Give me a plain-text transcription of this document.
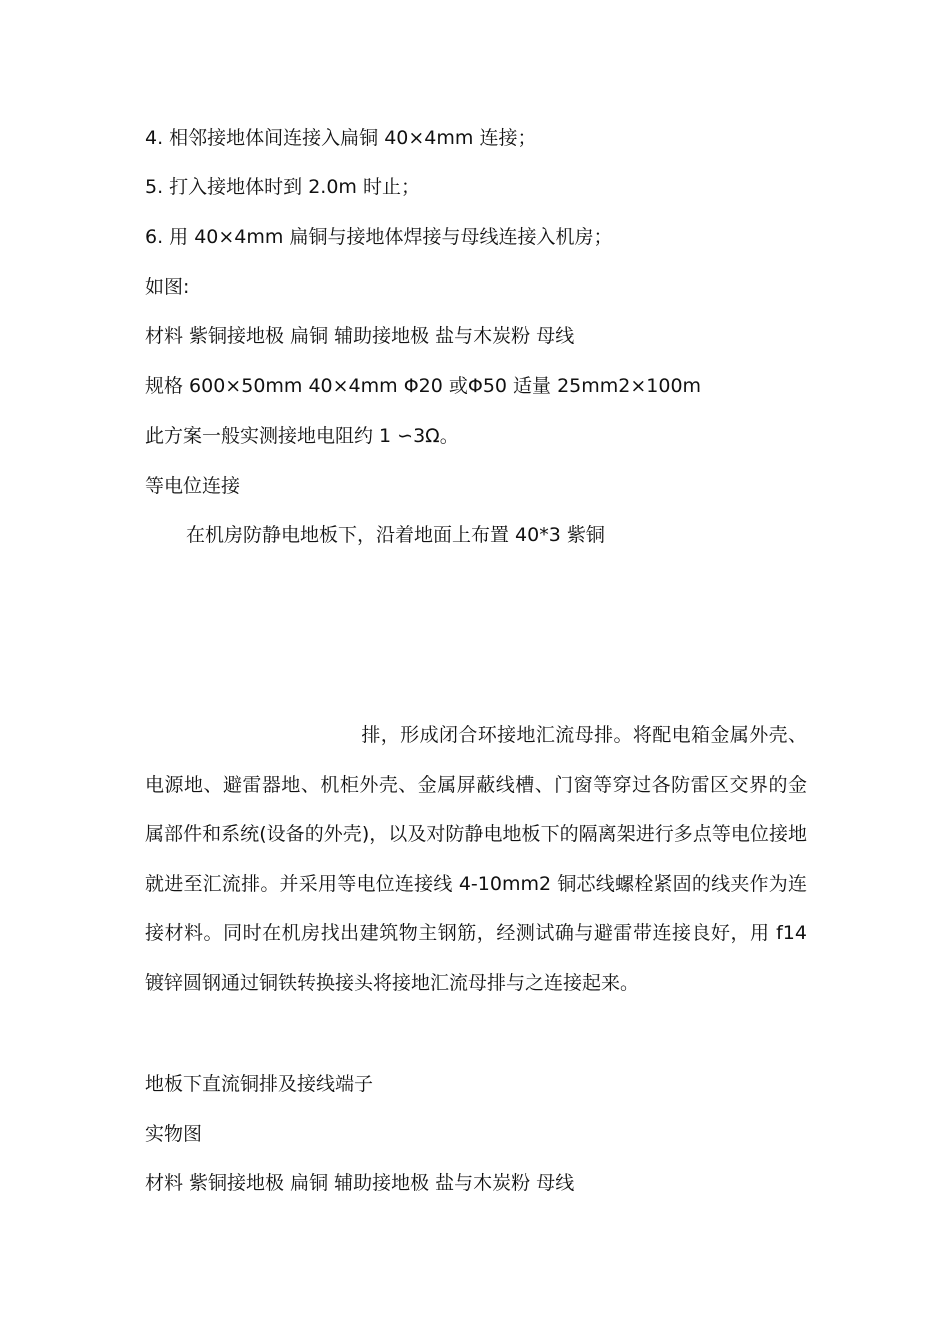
4. 相邻接地体间连接入扁铜 40×4mm 连接；
5. 打入接地体时到 2.0m 时止；
6. 用 40×4mm 扁铜与接地体焊接与母线连接入机房；
如图:
材料 紫铜接地极 扁铜 辅助接地极 盐与木炭粉 母线
规格 600×50mm 40×4mm Φ20 或Φ50 适量 25mm2×100m
此方案一般实测接地电阻约 1 ∽3Ω。
等电位连接
在机房防静电地板下，沿着地面上布置 40*3 紫铜
排，形成闭合环接地汇流母排。将配电箱金属外壳、电源地、避雷器地、机柜外壳、金属屏蔽线槽、门窗等穿过各防雷区交界的金属部件和系统(设备的外壳)，以及对防静电地板下的隔离架进行多点等电位接地就进至汇流排。并采用等电位连接线 4-10mm2 铜芯线螺栓紧固的线夹作为连接材料。同时在机房找出建筑物主钢筋，经测试确与避雷带连接良好，用 f14 镀锌圆钢通过铜铁转换接头将接地汇流母排与之连接起来。
地板下直流铜排及接线端子
实物图
材料 紫铜接地极 扁铜 辅助接地极 盐与木炭粉 母线
